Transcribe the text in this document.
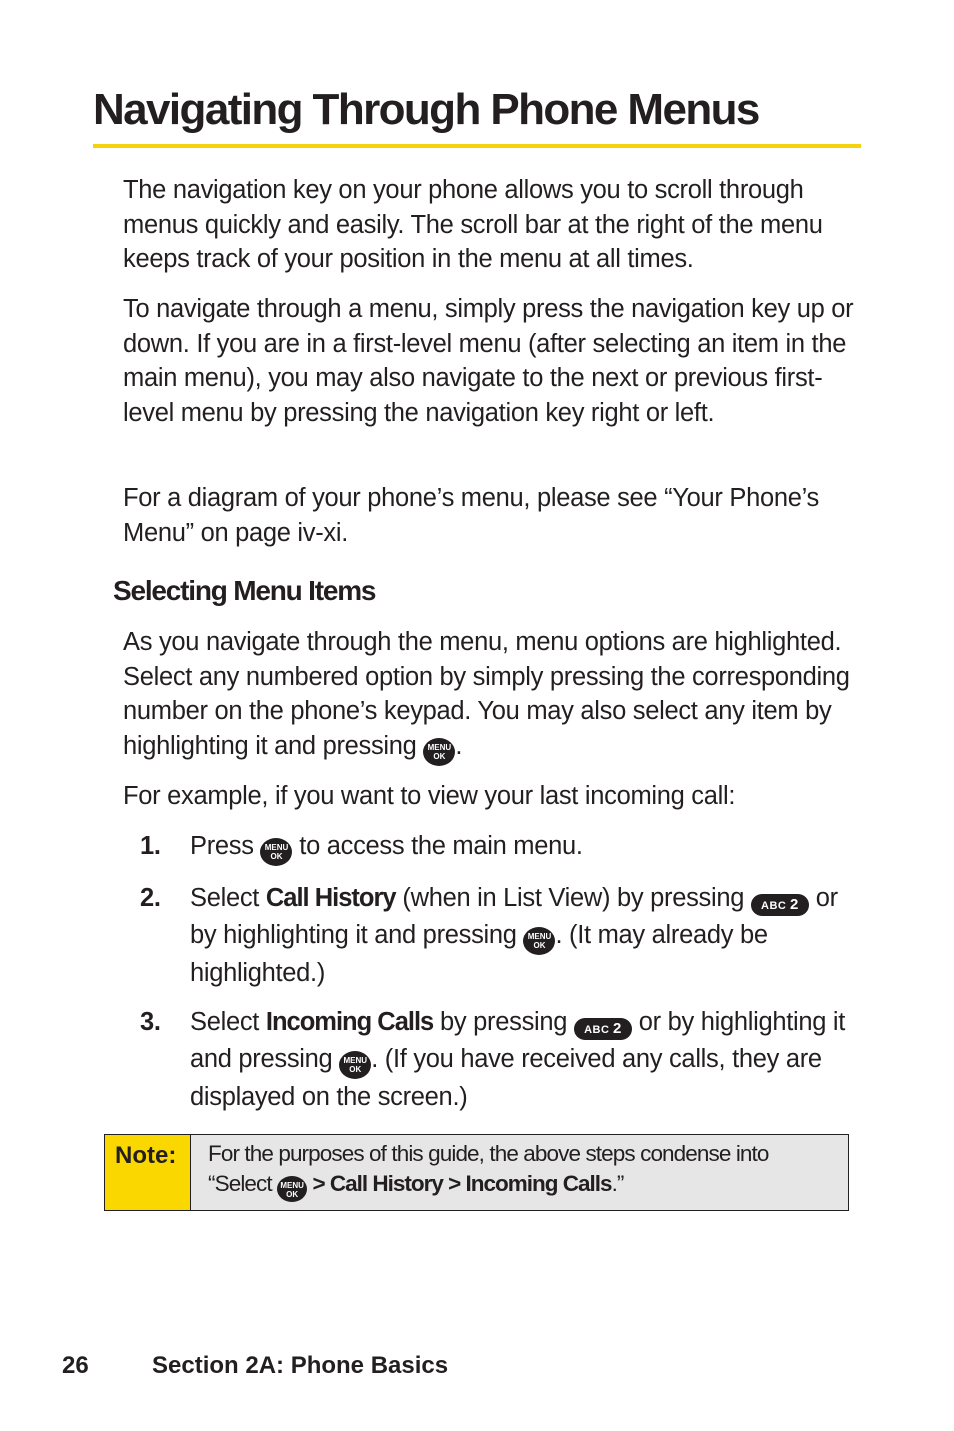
Navigating Through Phone Menus

The navigation key on your phone allows you to scroll through menus quickly and easily. The scroll bar at the right of the menu keeps track of your position in the menu at all times.

To navigate through a menu, simply press the navigation key up or down. If you are in a first-level menu (after selecting an item in the main menu), you may also navigate to the next or previous first-level menu by pressing the navigation key right or left.

For a diagram of your phone’s menu, please see “Your Phone’s Menu” on page iv-xi.

Selecting Menu Items

As you navigate through the menu, menu options are highlighted. Select any numbered option by simply pressing the corresponding number on the phone’s keypad. You may also select any item by highlighting it and pressing	MENU
OK .

For example, if you want to view your last incoming call:

1.	Press	MENU
OK to access the main menu.
2.	Select Call History (when in List View) by pressing ABC 2 or by highlighting it and pressing	MENU
OK . (It may already be highlighted.)
3.	Select Incoming Calls by pressing ABC 2 or by highlighting it and pressing	MENU
OK . (If you have received any calls, they are displayed on the screen.)
Note:	For the purposes of this guide, the above steps condense into
“Select	MENU
OK > Call History > Incoming Calls.”
26	Section 2A: Phone Basics
